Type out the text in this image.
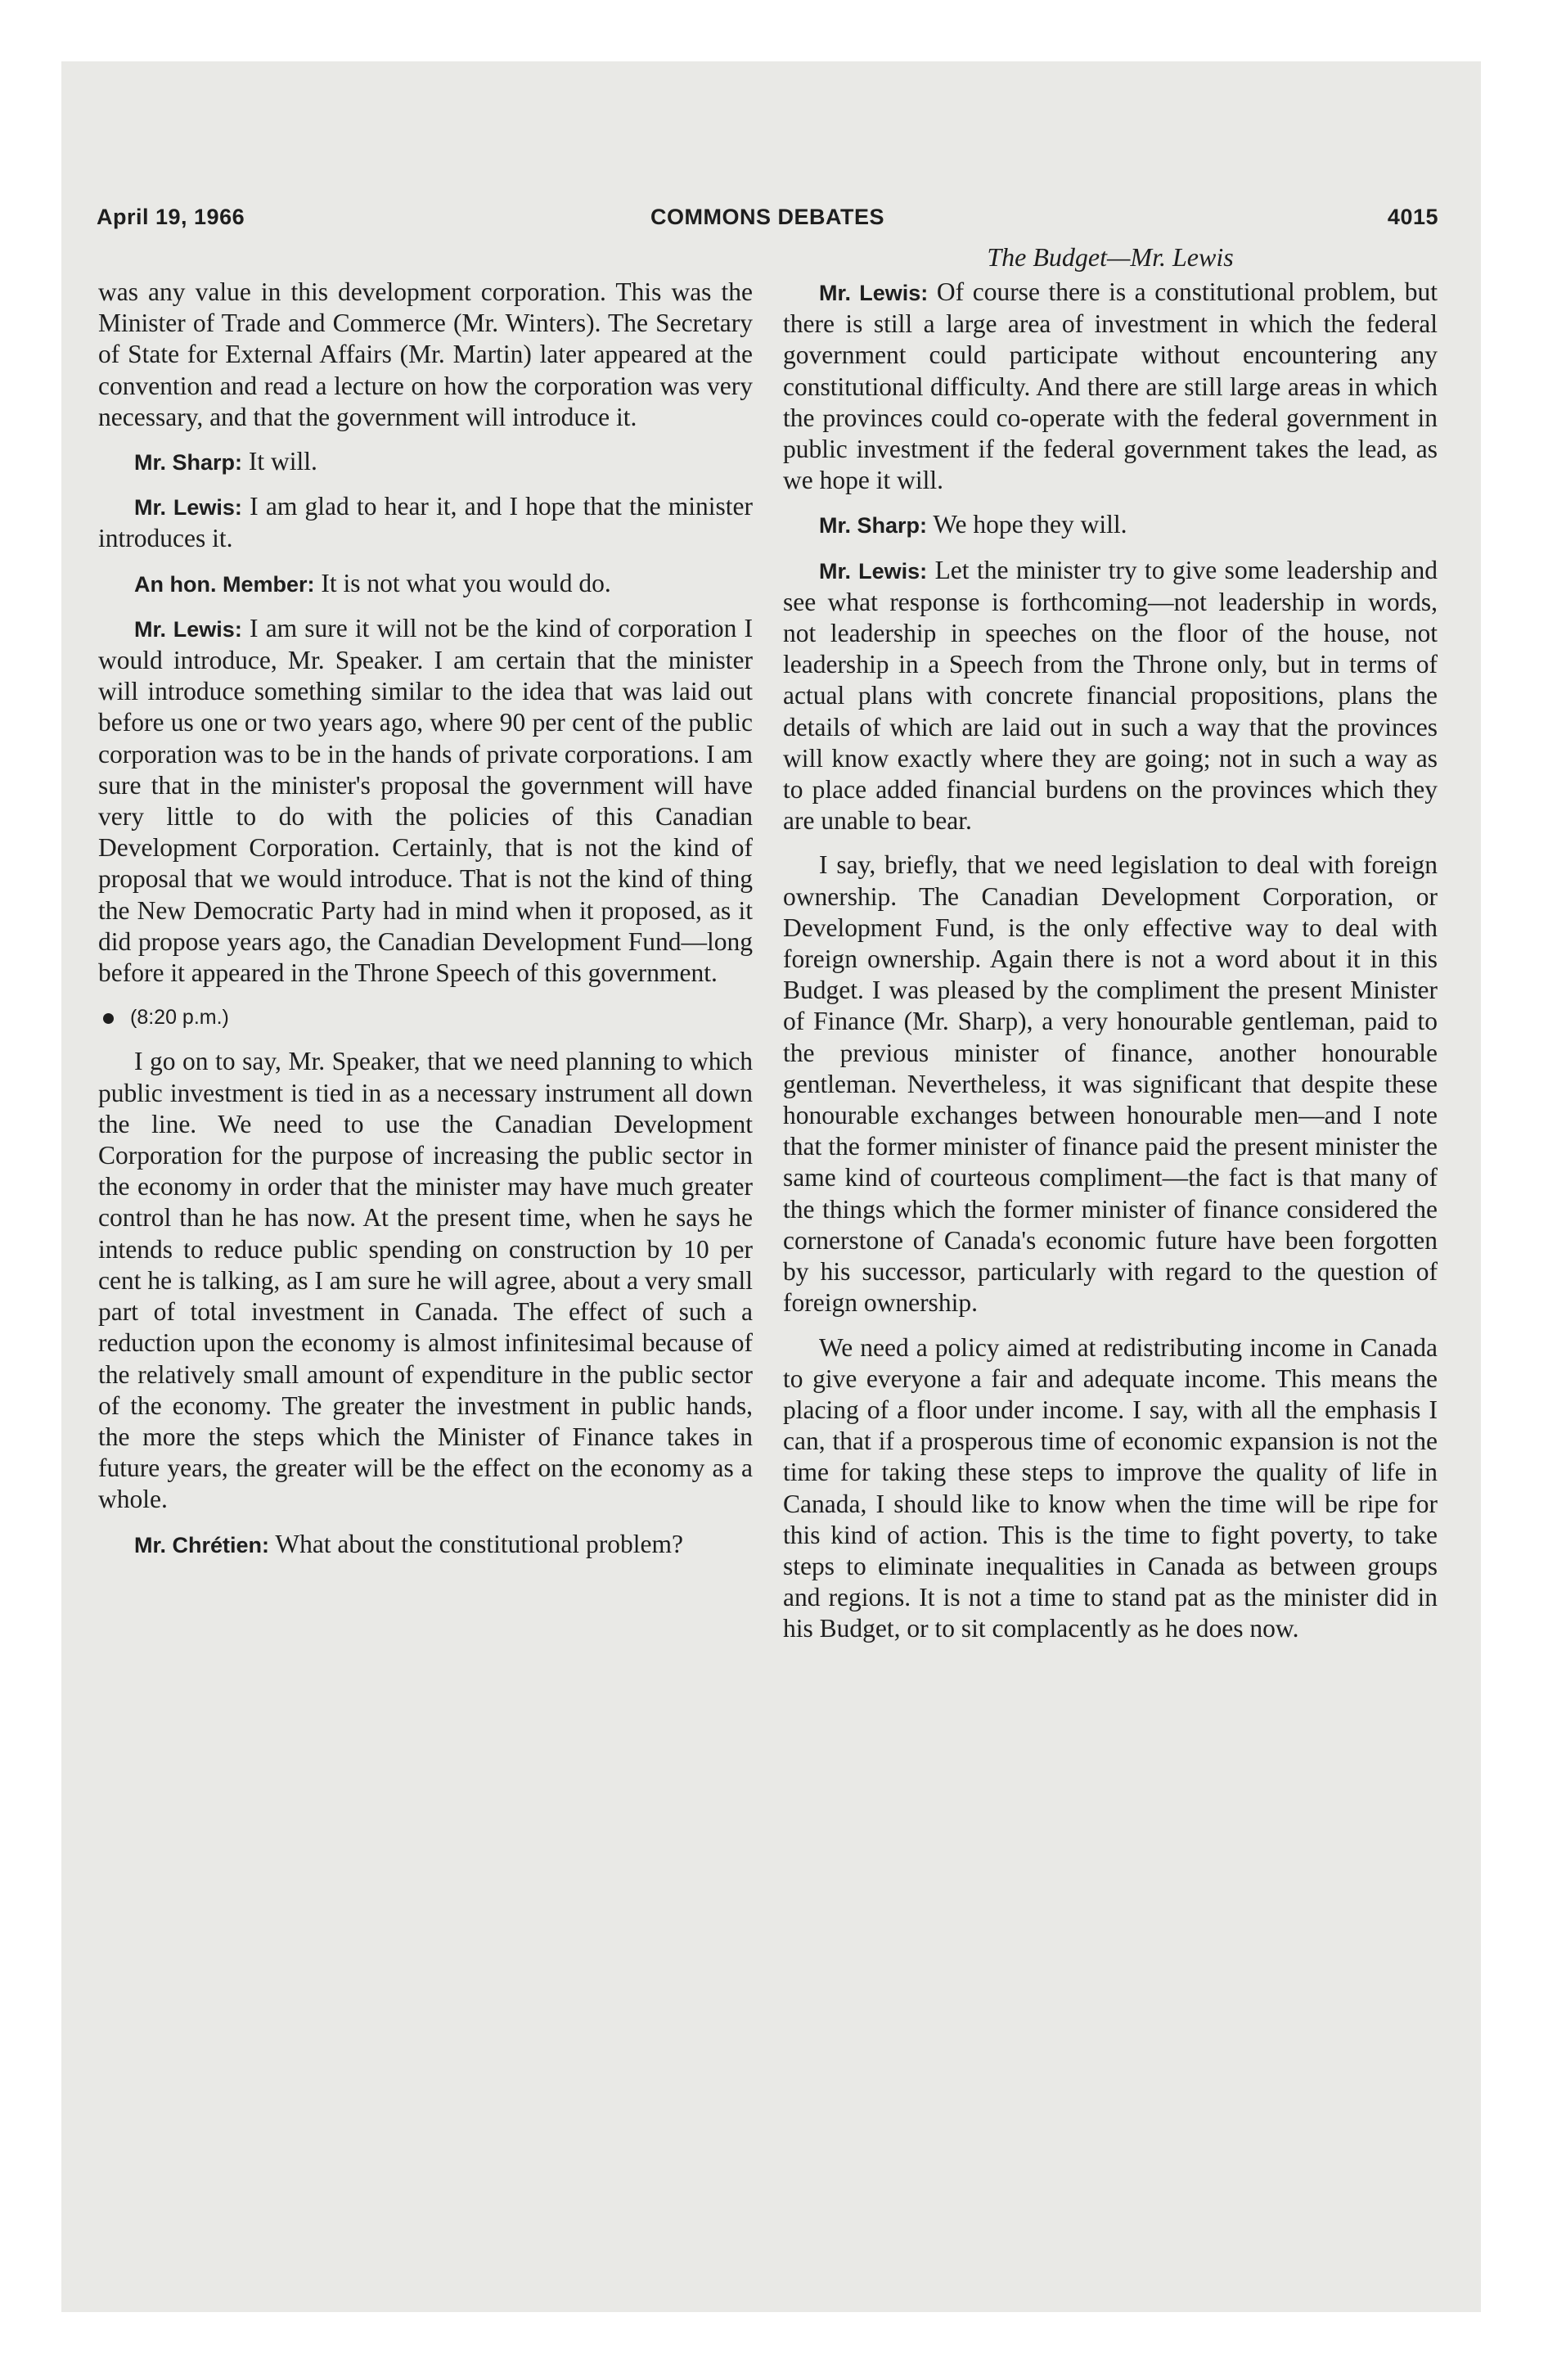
April 19, 1966	COMMONS DEBATES	4015
The Budget—Mr. Lewis

was any value in this development corporation. This was the Minister of Trade and Commerce (Mr. Winters). The Secretary of State for External Affairs (Mr. Martin) later appeared at the convention and read a lecture on how the corporation was very necessary, and that the government will introduce it.

Mr. Sharp: It will.

Mr. Lewis: I am glad to hear it, and I hope that the minister introduces it.

An hon. Member: It is not what you would do.

Mr. Lewis: I am sure it will not be the kind of corporation I would introduce, Mr. Speaker. I am certain that the minister will introduce something similar to the idea that was laid out before us one or two years ago, where 90 per cent of the public corporation was to be in the hands of private corporations. I am sure that in the minister's proposal the government will have very little to do with the policies of this Canadian Development Corporation. Certainly, that is not the kind of proposal that we would introduce. That is not the kind of thing the New Democratic Party had in mind when it proposed, as it did propose years ago, the Canadian Development Fund—long before it appeared in the Throne Speech of this government.

(8:20 p.m.)

I go on to say, Mr. Speaker, that we need planning to which public investment is tied in as a necessary instrument all down the line. We need to use the Canadian Development Corporation for the purpose of increasing the public sector in the economy in order that the minister may have much greater control than he has now. At the present time, when he says he intends to reduce public spending on construction by 10 per cent he is talking, as I am sure he will agree, about a very small part of total investment in Canada. The effect of such a reduction upon the economy is almost infinitesimal because of the relatively small amount of expenditure in the public sector of the economy. The greater the investment in public hands, the more the steps which the Minister of Finance takes in future years, the greater will be the effect on the economy as a whole.

Mr. Chrétien: What about the constitutional problem?

Mr. Lewis: Of course there is a constitutional problem, but there is still a large area of investment in which the federal government could participate without encountering any constitutional difficulty. And there are still large areas in which the provinces could co-operate with the federal government in public investment if the federal government takes the lead, as we hope it will.

Mr. Sharp: We hope they will.

Mr. Lewis: Let the minister try to give some leadership and see what response is forthcoming—not leadership in words, not leadership in speeches on the floor of the house, not leadership in a Speech from the Throne only, but in terms of actual plans with concrete financial propositions, plans the details of which are laid out in such a way that the provinces will know exactly where they are going; not in such a way as to place added financial burdens on the provinces which they are unable to bear.

I say, briefly, that we need legislation to deal with foreign ownership. The Canadian Development Corporation, or Development Fund, is the only effective way to deal with foreign ownership. Again there is not a word about it in this Budget. I was pleased by the compliment the present Minister of Finance (Mr. Sharp), a very honourable gentleman, paid to the previous minister of finance, another honourable gentleman. Nevertheless, it was significant that despite these honourable exchanges between honourable men—and I note that the former minister of finance paid the present minister the same kind of courteous compliment—the fact is that many of the things which the former minister of finance considered the cornerstone of Canada's economic future have been forgotten by his successor, particularly with regard to the question of foreign ownership.

We need a policy aimed at redistributing income in Canada to give everyone a fair and adequate income. This means the placing of a floor under income. I say, with all the emphasis I can, that if a prosperous time of economic expansion is not the time for taking these steps to improve the quality of life in Canada, I should like to know when the time will be ripe for this kind of action. This is the time to fight poverty, to take steps to eliminate inequalities in Canada as between groups and regions. It is not a time to stand pat as the minister did in his Budget, or to sit complacently as he does now.
